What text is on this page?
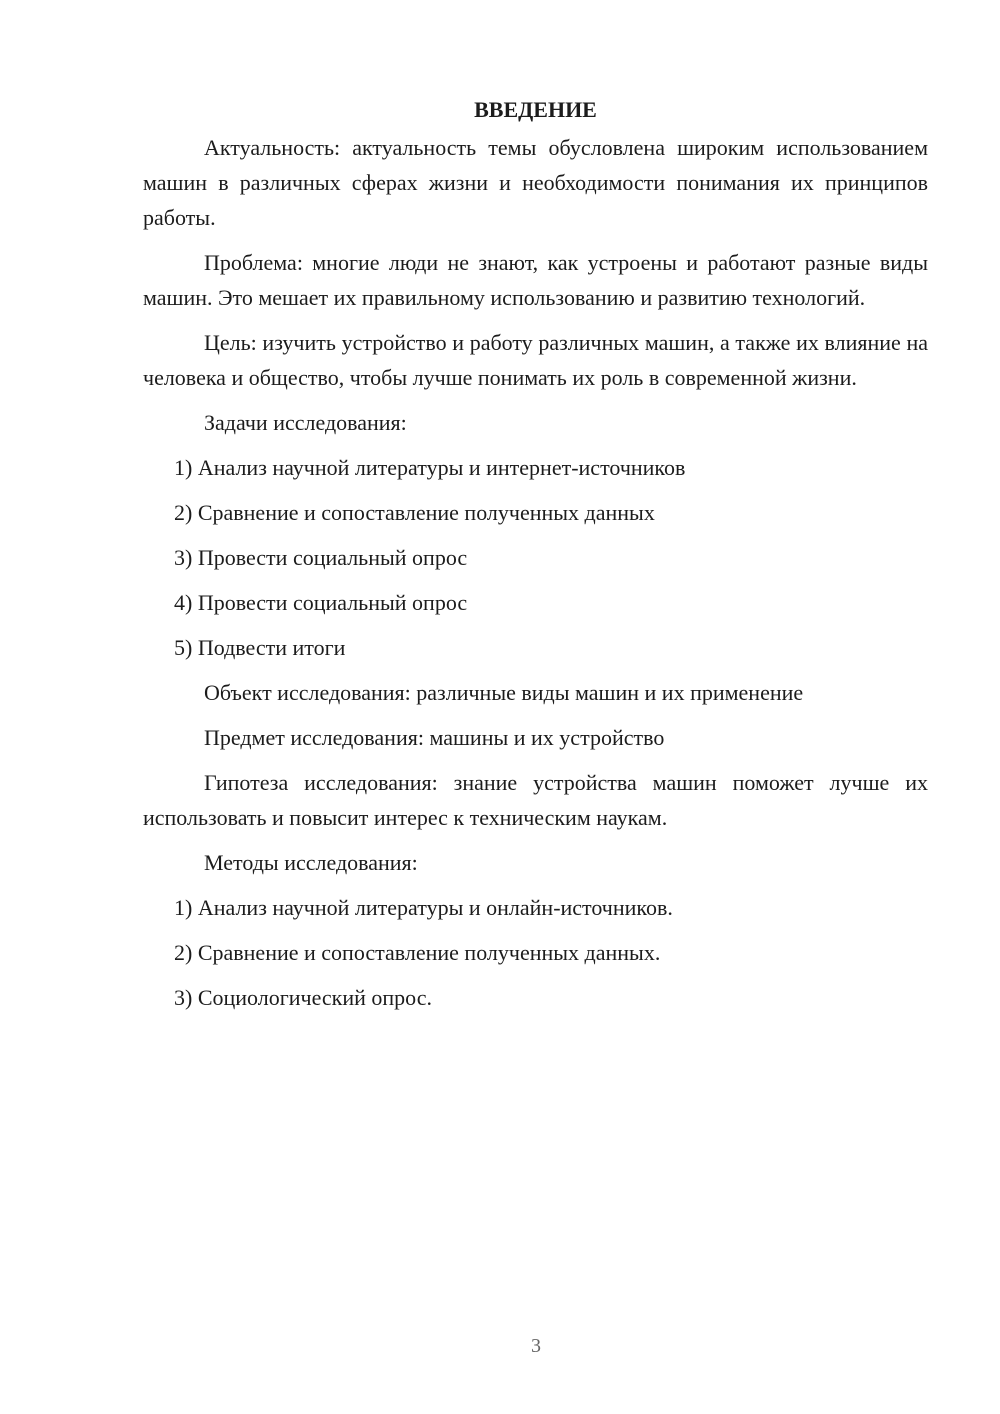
ВВЕДЕНИЕ

Актуальность: актуальность темы обусловлена широким использованием машин в различных сферах жизни и необходимости понимания их принципов работы.

Проблема: многие люди не знают, как устроены и работают разные виды машин. Это мешает их правильному использованию и развитию технологий.

Цель: изучить устройство и работу различных машин, а также их влияние на человека и общество, чтобы лучше понимать их роль в современной жизни.

Задачи исследования:

1) Анализ научной литературы и интернет-источников
2) Сравнение и сопоставление полученных данных
3) Провести социальный опрос
4) Провести социальный опрос
5) Подвести итоги

Объект исследования: различные виды машин и их применение

Предмет исследования: машины и их устройство

Гипотеза исследования: знание устройства машин поможет лучше их использовать и повысит интерес к техническим наукам.

Методы исследования:

1) Анализ научной литературы и онлайн-источников.
2) Сравнение и сопоставление полученных данных.
3) Социологический опрос.
3
